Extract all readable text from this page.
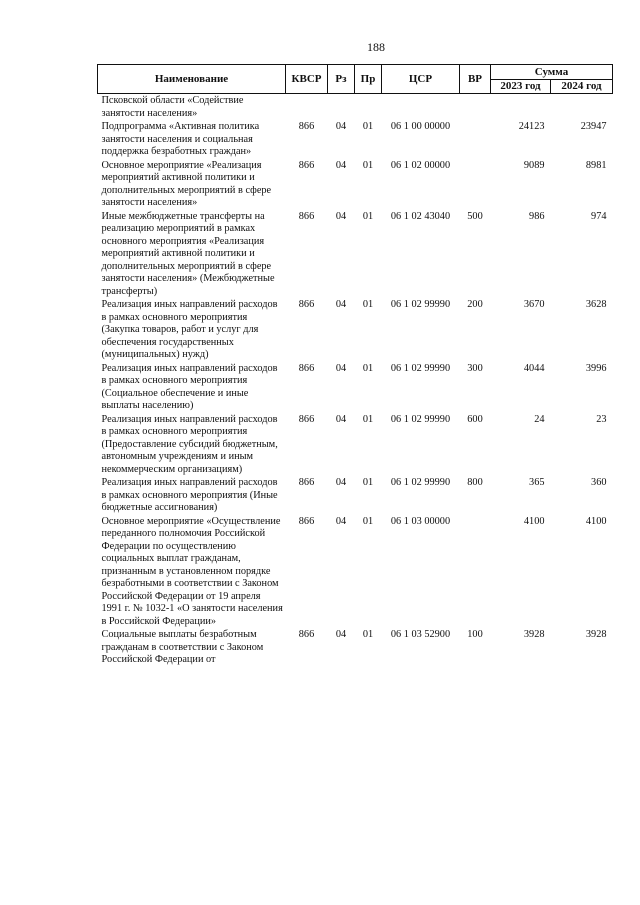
188
Наименование	КВСР	Рз	Пр	ЦСР	ВР	Сумма	
						2023 год	2024 год
Псковской области «Содействие занятости населения»							
Подпрограмма «Активная политика занятости населения и социальная поддержка безработных граждан»	866	04	01	06 1 00 00000		24123	23947
Основное мероприятие «Реализация мероприятий активной политики и дополнительных мероприятий в сфере занятости населения»	866	04	01	06 1 02 00000		9089	8981
Иные межбюджетные трансферты на реализацию мероприятий в рамках основного мероприятия «Реализация мероприятий активной политики и дополнительных мероприятий в сфере занятости населения» (Межбюджетные трансферты)	866	04	01	06 1 02 43040	500	986	974
Реализация иных направлений расходов в рамках основного мероприятия (Закупка товаров, работ и услуг для обеспечения государственных (муниципальных) нужд)	866	04	01	06 1 02 99990	200	3670	3628
Реализация иных направлений расходов в рамках основного мероприятия (Социальное обеспечение и иные выплаты населению)	866	04	01	06 1 02 99990	300	4044	3996
Реализация иных направлений расходов в рамках основного мероприятия (Предоставление субсидий бюджетным, автономным учреждениям и иным некоммерческим организациям)	866	04	01	06 1 02 99990	600	24	23
Реализация иных направлений расходов в рамках основного мероприятия (Иные бюджетные ассигнования)	866	04	01	06 1 02 99990	800	365	360
Основное мероприятие «Осуществление переданного полномочия Российской Федерации по осуществлению социальных выплат гражданам, признанным в установленном порядке безработными в соответствии с Законом Российской Федерации от 19 апреля 1991 г. № 1032-1 «О занятости населения в Российской Федерации»	866	04	01	06 1 03 00000		4100	4100
Социальные выплаты безработным гражданам в соответствии с Законом Российской Федерации от	866	04	01	06 1 03 52900	100	3928	3928
